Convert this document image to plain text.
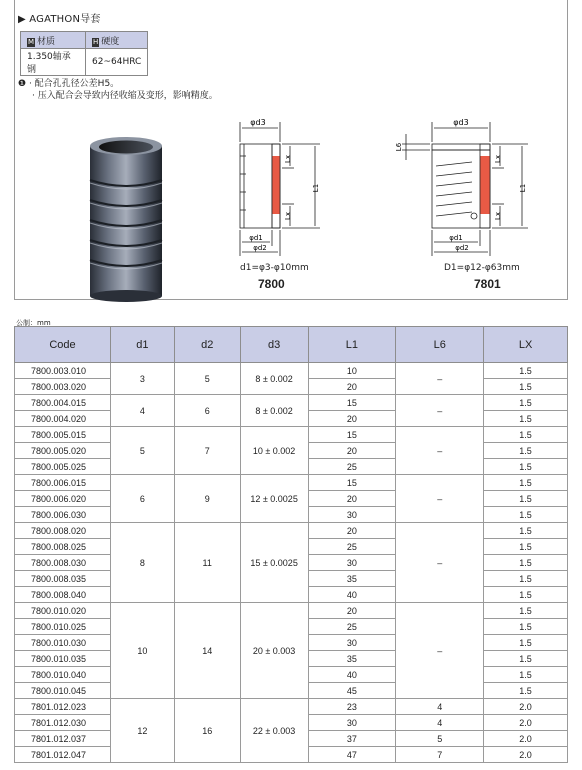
▶ AGATHON导套
M 材质	H 硬度
1.350轴承钢	62~64HRC
❶ · 配合孔孔径公差H5。
· 压入配合会导致内径收缩及变形，影响精度。
φd3
Lx
L1
Lx
φd1
φd2
d1=φ3-φ10mm
7800
φd3
L6
Lx
L1
Lx
φd1
φd2
D1=φ12-φ63mm
7801
公制：mm
Code	d1	d2	d3	L1	L6	LX
7800.003.010	3	5	8 ± 0.002	10	–	1.5
7800.003.020				20		1.5
7800.004.015	4	6	8 ± 0.002	15	–	1.5
7800.004.020				20		1.5
7800.005.015	5	7	10 ± 0.002	15	–	1.5
7800.005.020				20		1.5
7800.005.025				25		1.5
7800.006.015	6	9	12 ± 0.0025	15	–	1.5
7800.006.020				20		1.5
7800.006.030				30		1.5
7800.008.020	8	11	15 ± 0.0025	20	–	1.5
7800.008.025				25		1.5
7800.008.030				30		1.5
7800.008.035				35		1.5
7800.008.040				40		1.5
7800.010.020	10	14	20 ± 0.003	20	–	1.5
7800.010.025				25		1.5
7800.010.030				30		1.5
7800.010.035				35		1.5
7800.010.040				40		1.5
7800.010.045				45		1.5
7801.012.023	12	16	22 ± 0.003	23	4	2.0
7801.012.030				30	4	2.0
7801.012.037				37	5	2.0
7801.012.047				47	7	2.0
